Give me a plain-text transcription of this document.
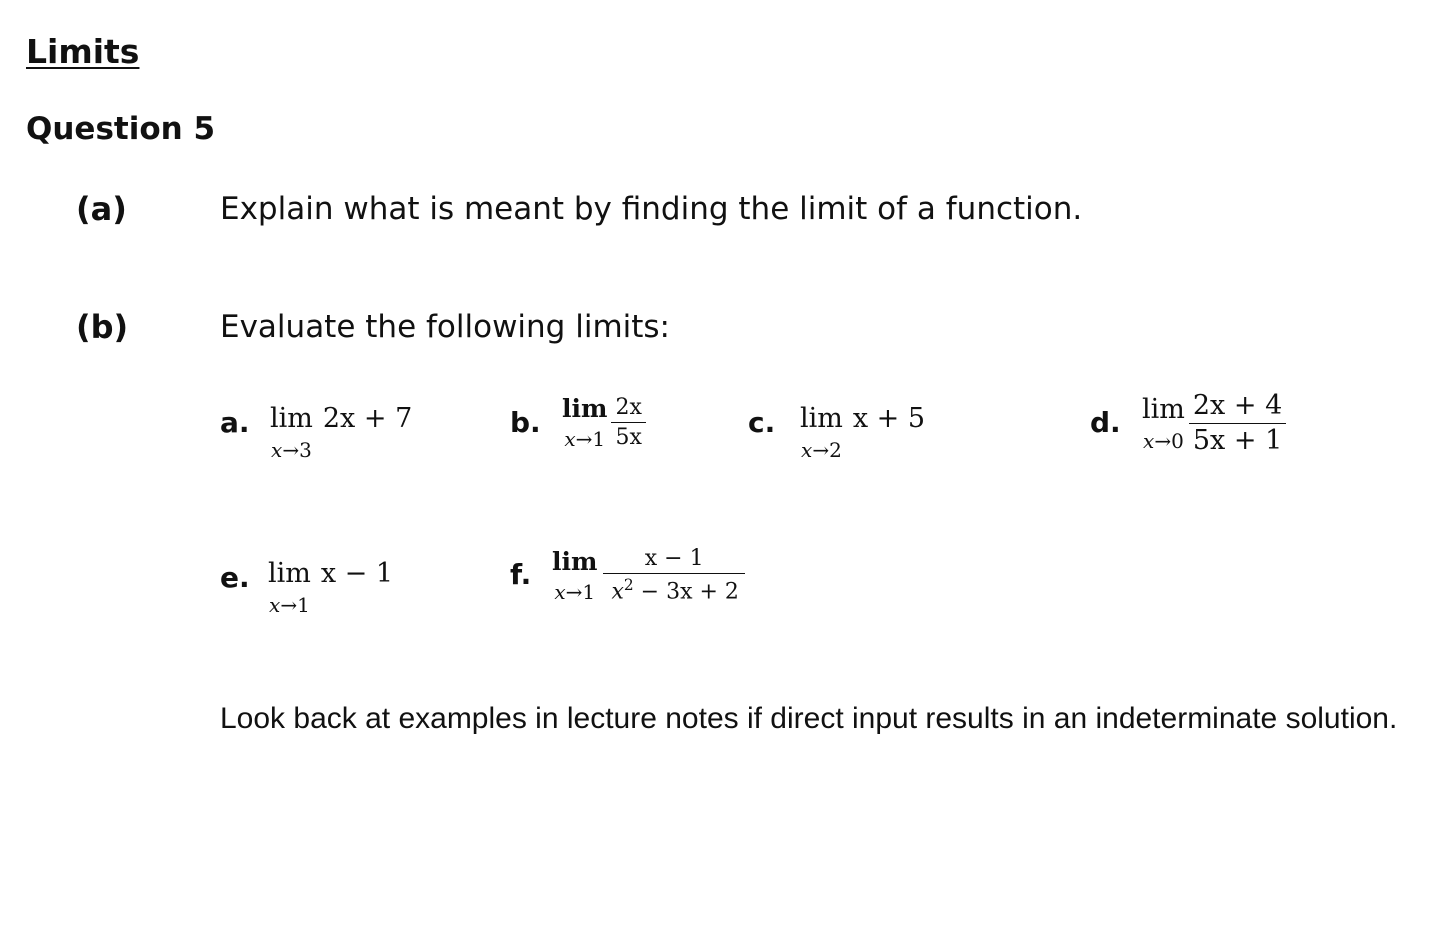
Limits
Question 5
(a)	Explain what is meant by finding the limit of a function.
(b)	Evaluate the following limits:
a. lim
x→3
2x + 7	b. lim
$x\to 1 \frac{2x}{5x}$	c. lim
x→2
x + 5	d. lim
$x\to 0 \frac{2x + 4}{5x + 1}$
e. lim
x→1
x − 1	f. lim
$x\to 1 \frac{x - 1}{x^2 - 3x + 2}$
Look back at examples in lecture notes if direct input results in an indeterminate solution.
